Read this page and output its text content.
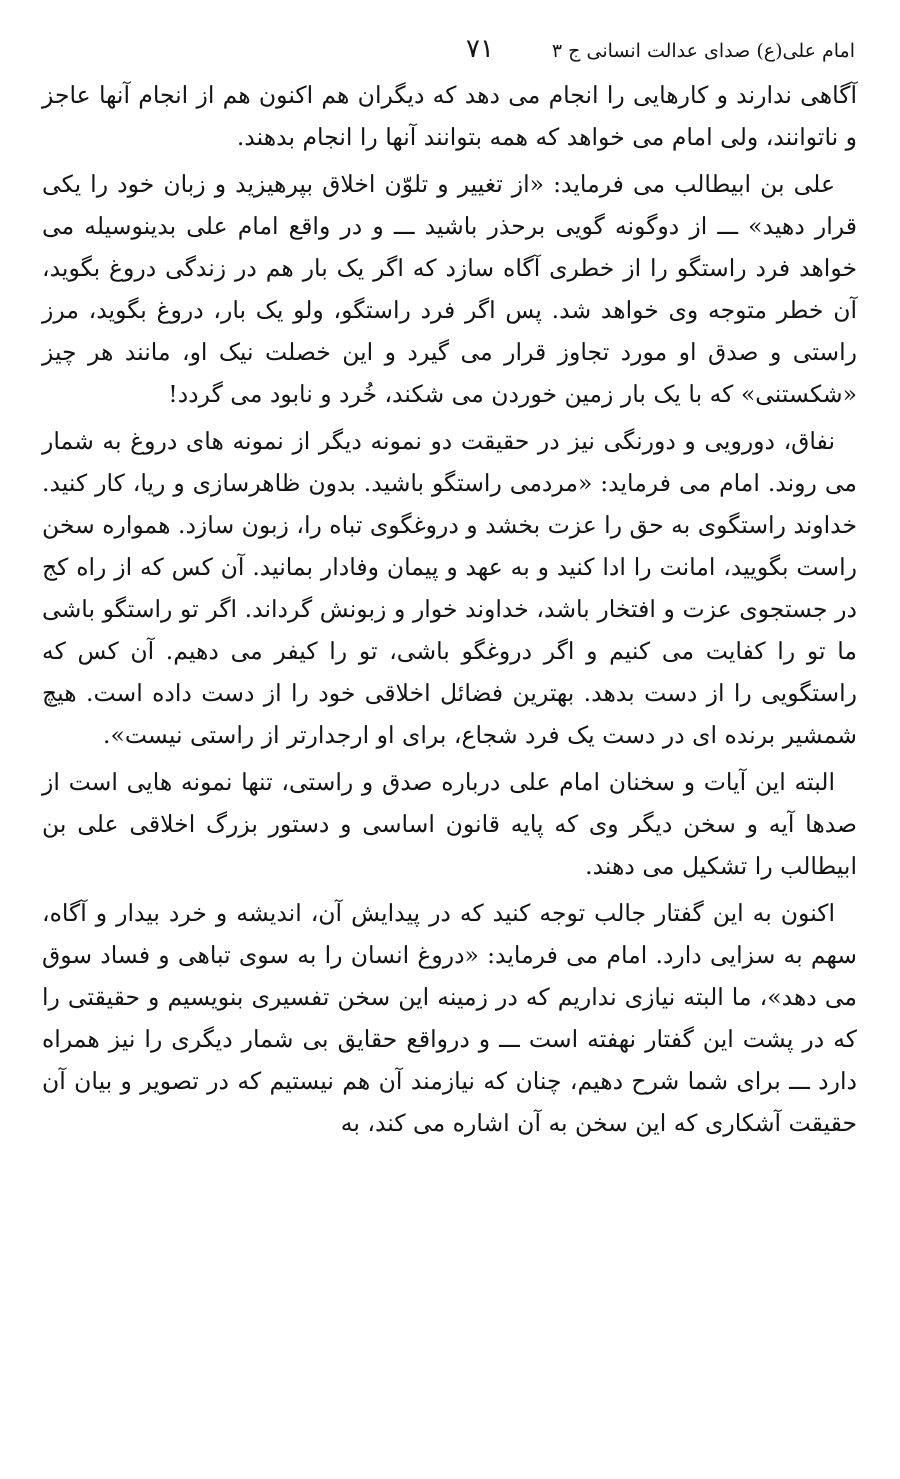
امام علی(ع) صدای عدالت انسانی ج ۳
۷۱

آگاهی ندارند و کارهایی را انجام می دهد که دیگران هم اکنون هم از انجام آنها عاجز و ناتوانند، ولی امام می خواهد که همه بتوانند آنها را انجام بدهند.

علی بن ابیطالب می فرماید: «از تغییر و تلوّن اخلاق بپرهیزید و زبان خود را یکی قرار دهید» ـــ از دوگونه گویی برحذر باشید ـــ و در واقع امام علی بدینوسیله می خواهد فرد راستگو را از خطری آگاه سازد که اگر یک بار هم در زندگی دروغ بگوید، آن خطر متوجه وی خواهد شد. پس اگر فرد راستگو، ولو یک بار، دروغ بگوید، مرز راستی و صدق او مورد تجاوز قرار می گیرد و این خصلت نیک او، مانند هر چیز «شکستنی» که با یک بار زمین خوردن می شکند، خُرد و نابود می گردد!

نفاق، دورویی و دورنگی نیز در حقیقت دو نمونه دیگر از نمونه های دروغ به شمار می روند. امام می فرماید: «مردمی راستگو باشید. بدون ظاهرسازی و ریا، کار کنید. خداوند راستگوی به حق را عزت بخشد و دروغگوی تباه را، زبون سازد. همواره سخن راست بگویید، امانت را ادا کنید و به عهد و پیمان وفادار بمانید. آن کس که از راه کج در جستجوی عزت و افتخار باشد، خداوند خوار و زبونش گرداند. اگر تو راستگو باشی ما تو را کفایت می کنیم و اگر دروغگو باشی، تو را کیفر می دهیم. آن کس که راستگویی را از دست بدهد. بهترین فضائل اخلاقی خود را از دست داده است. هیچ شمشیر برنده ای در دست یک فرد شجاع، برای او ارجدارتر از راستی نیست».

البته این آیات و سخنان امام علی درباره صدق و راستی، تنها نمونه هایی است از صدها آیه و سخن دیگر وی که پایه قانون اساسی و دستور بزرگ اخلاقی علی بن ابیطالب را تشکیل می دهند.

اکنون به این گفتار جالب توجه کنید که در پیدایش آن، اندیشه و خرد بیدار و آگاه، سهم به سزایی دارد. امام می فرماید: «دروغ انسان را به سوی تباهی و فساد سوق می دهد»، ما البته نیازی نداریم که در زمینه این سخن تفسیری بنویسیم و حقیقتی را که در پشت این گفتار نهفته است ـــ و درواقع حقایق بی شمار دیگری را نیز همراه دارد ـــ برای شما شرح دهیم، چنان که نیازمند آن هم نیستیم که در تصویر و بیان آن حقیقت آشکاری که این سخن به آن اشاره می کند، به
